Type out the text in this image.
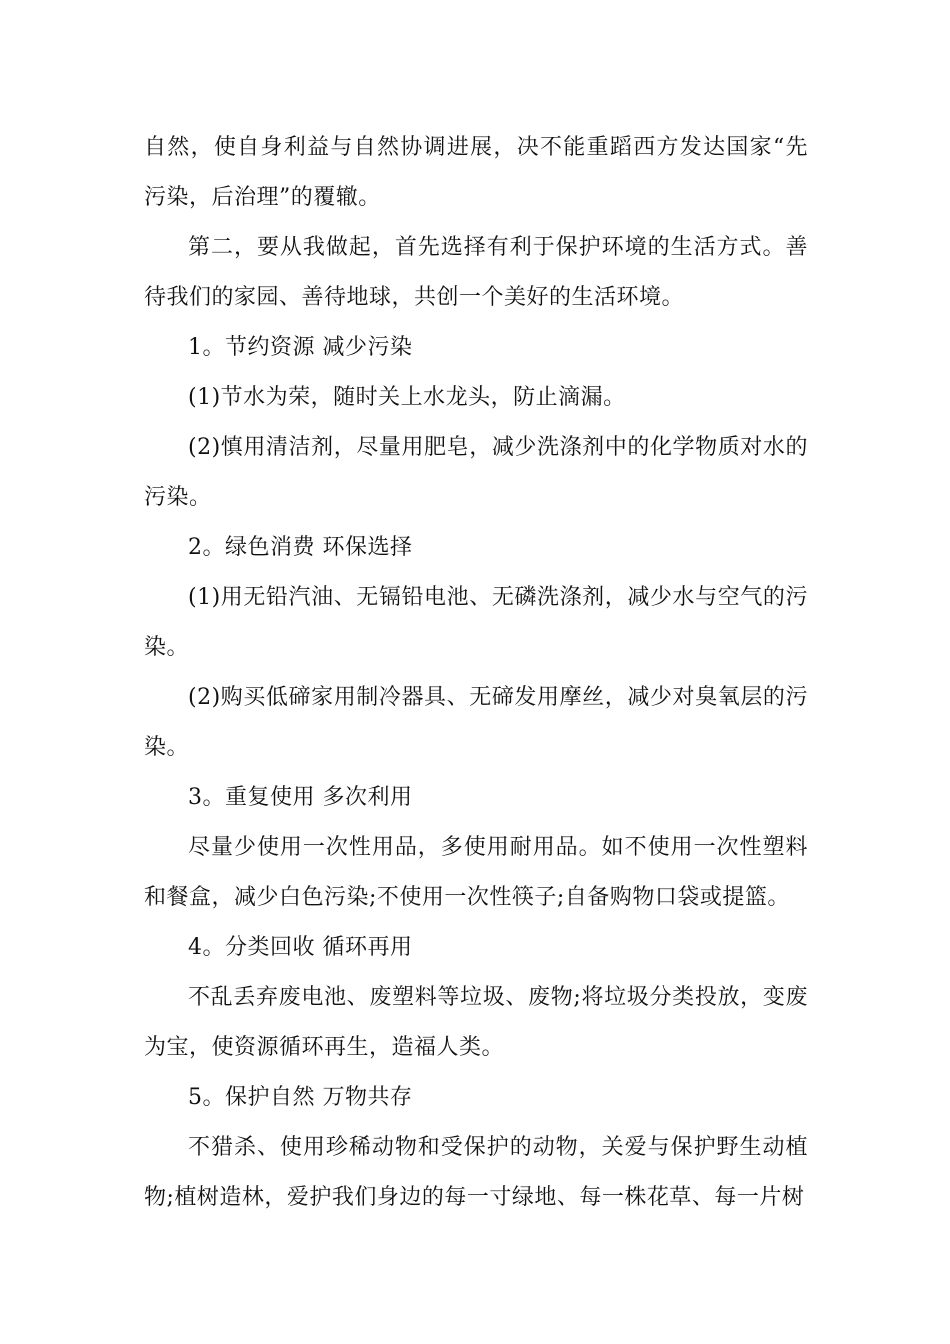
自然，使自身利益与自然协调进展，决不能重蹈西方发达国家“先污染，后治理”的覆辙。

第二，要从我做起，首先选择有利于保护环境的生活方式。善待我们的家园、善待地球，共创一个美好的生活环境。

1。节约资源 减少污染

(1)节水为荣，随时关上水龙头，防止滴漏。

(2)慎用清洁剂，尽量用肥皂，减少洗涤剂中的化学物质对水的污染。

2。绿色消费 环保选择

(1)用无铅汽油、无镉铅电池、无磷洗涤剂，减少水与空气的污染。

(2)购买低碲家用制冷器具、无碲发用摩丝，减少对臭氧层的污染。

3。重复使用 多次利用

尽量少使用一次性用品，多使用耐用品。如不使用一次性塑料和餐盒，减少白色污染;不使用一次性筷子;自备购物口袋或提篮。

4。分类回收 循环再用

不乱丢弃废电池、废塑料等垃圾、废物;将垃圾分类投放，变废为宝，使资源循环再生，造福人类。

5。保护自然 万物共存

不猎杀、使用珍稀动物和受保护的动物，关爱与保护野生动植物;植树造林，爱护我们身边的每一寸绿地、每一株花草、每一片树
